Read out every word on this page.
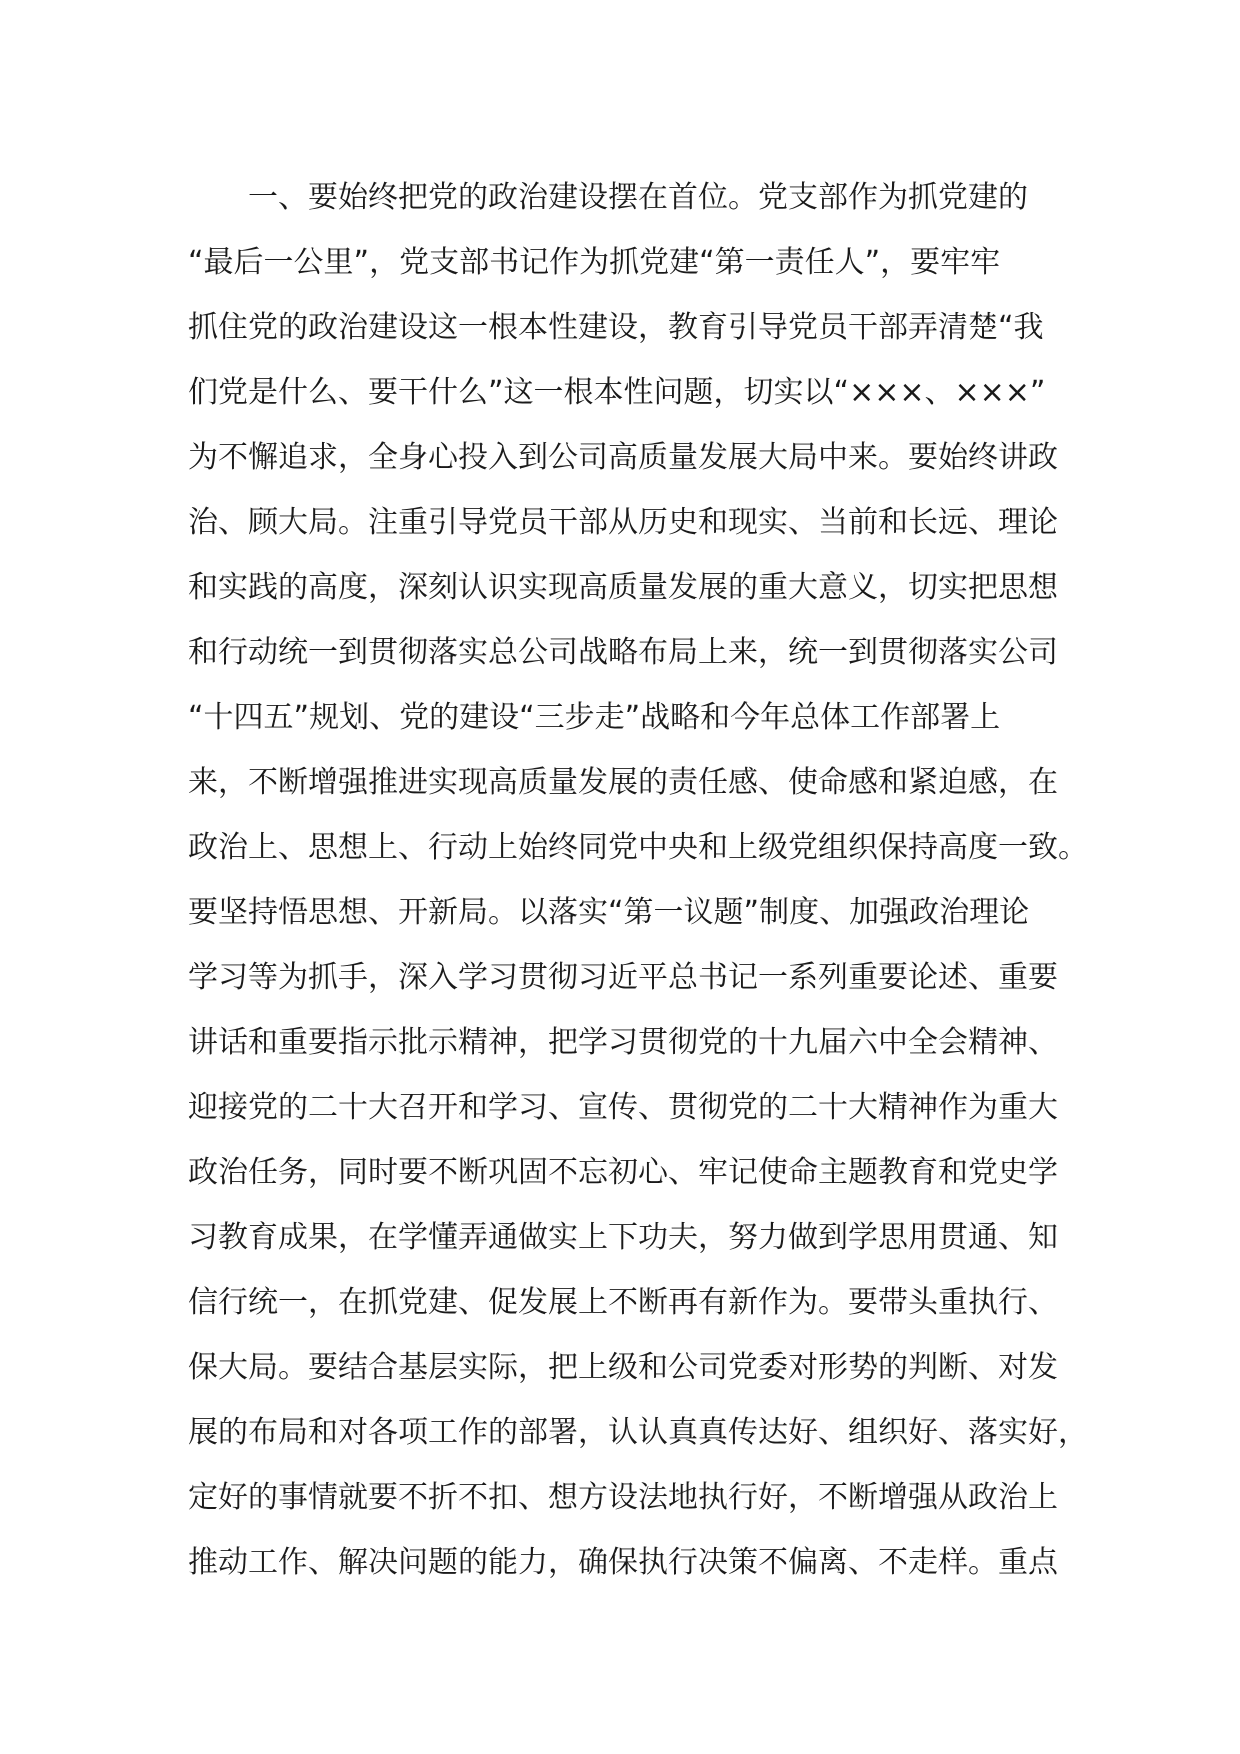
一、要始终把党的政治建设摆在首位。党支部作为抓党建的
“最后一公里”，党支部书记作为抓党建“第一责任人”，要牢牢
抓住党的政治建设这一根本性建设，教育引导党员干部弄清楚“我
们党是什么、要干什么”这一根本性问题，切实以“×××、×××”
为不懈追求，全身心投入到公司高质量发展大局中来。要始终讲政
治、顾大局。注重引导党员干部从历史和现实、当前和长远、理论
和实践的高度，深刻认识实现高质量发展的重大意义，切实把思想
和行动统一到贯彻落实总公司战略布局上来，统一到贯彻落实公司
“十四五”规划、党的建设“三步走”战略和今年总体工作部署上
来，不断增强推进实现高质量发展的责任感、使命感和紧迫感，在
政治上、思想上、行动上始终同党中央和上级党组织保持高度一致。
要坚持悟思想、开新局。以落实“第一议题”制度、加强政治理论
学习等为抓手，深入学习贯彻习近平总书记一系列重要论述、重要
讲话和重要指示批示精神，把学习贯彻党的十九届六中全会精神、
迎接党的二十大召开和学习、宣传、贯彻党的二十大精神作为重大
政治任务，同时要不断巩固不忘初心、牢记使命主题教育和党史学
习教育成果，在学懂弄通做实上下功夫，努力做到学思用贯通、知
信行统一，在抓党建、促发展上不断再有新作为。要带头重执行、
保大局。要结合基层实际，把上级和公司党委对形势的判断、对发
展的布局和对各项工作的部署，认认真真传达好、组织好、落实好，
定好的事情就要不折不扣、想方设法地执行好，不断增强从政治上
推动工作、解决问题的能力，确保执行决策不偏离、不走样。重点
